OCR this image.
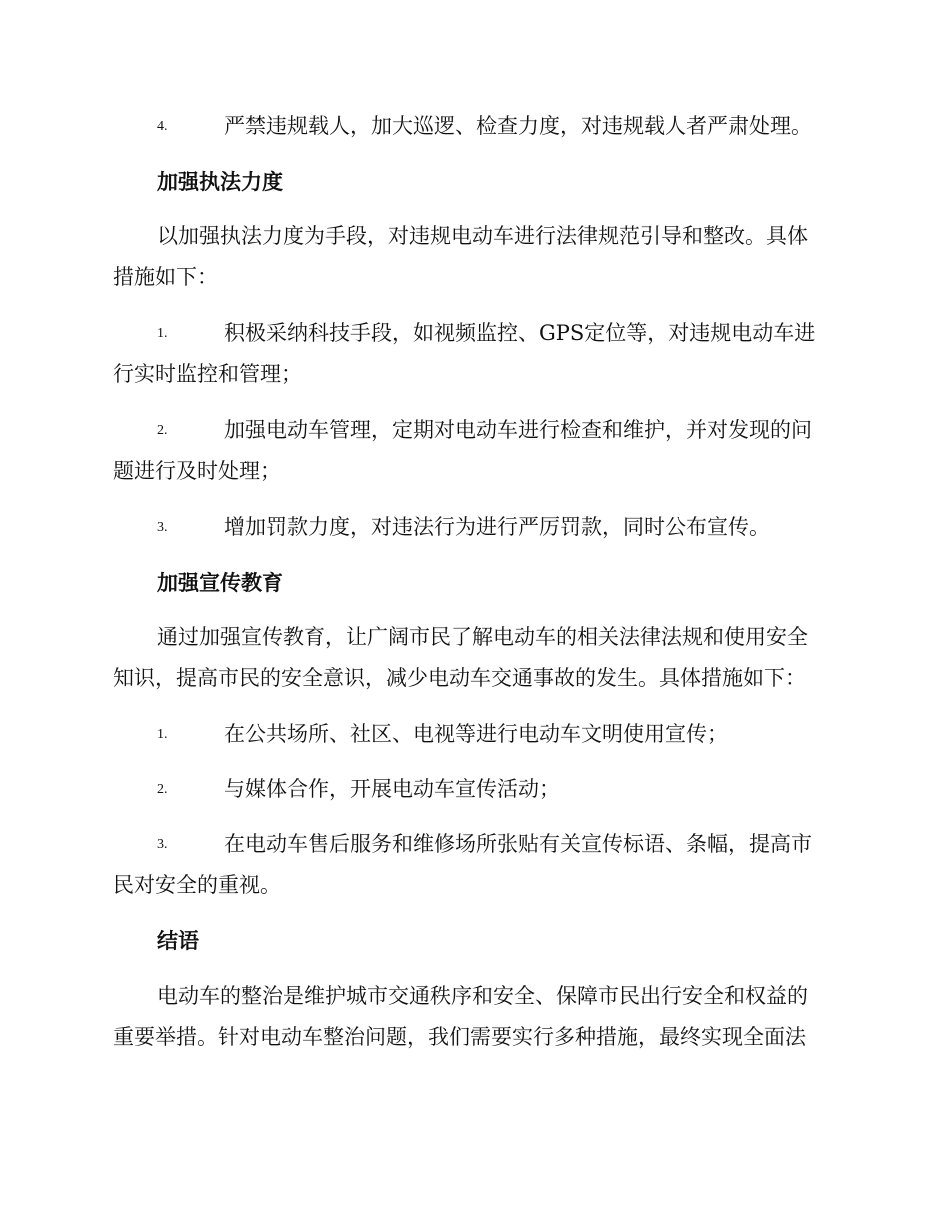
4.	严禁违规载人，加大巡逻、检查力度，对违规载人者严肃处理。
加强执法力度
以加强执法力度为手段，对违规电动车进行法律规范引导和整改。具体
措施如下：
1.	积极采纳科技手段，如视频监控、GPS定位等，对违规电动车进
行实时监控和管理；
2.	加强电动车管理，定期对电动车进行检查和维护，并对发现的问
题进行及时处理；
3.	增加罚款力度，对违法行为进行严厉罚款，同时公布宣传。
加强宣传教育
通过加强宣传教育，让广阔市民了解电动车的相关法律法规和使用安全
知识，提高市民的安全意识，减少电动车交通事故的发生。具体措施如下：
1.	在公共场所、社区、电视等进行电动车文明使用宣传；
2.	与媒体合作，开展电动车宣传活动；
3.	在电动车售后服务和维修场所张贴有关宣传标语、条幅，提高市
民对安全的重视。
结语
电动车的整治是维护城市交通秩序和安全、保障市民出行安全和权益的
重要举措。针对电动车整治问题，我们需要实行多种措施，最终实现全面法
